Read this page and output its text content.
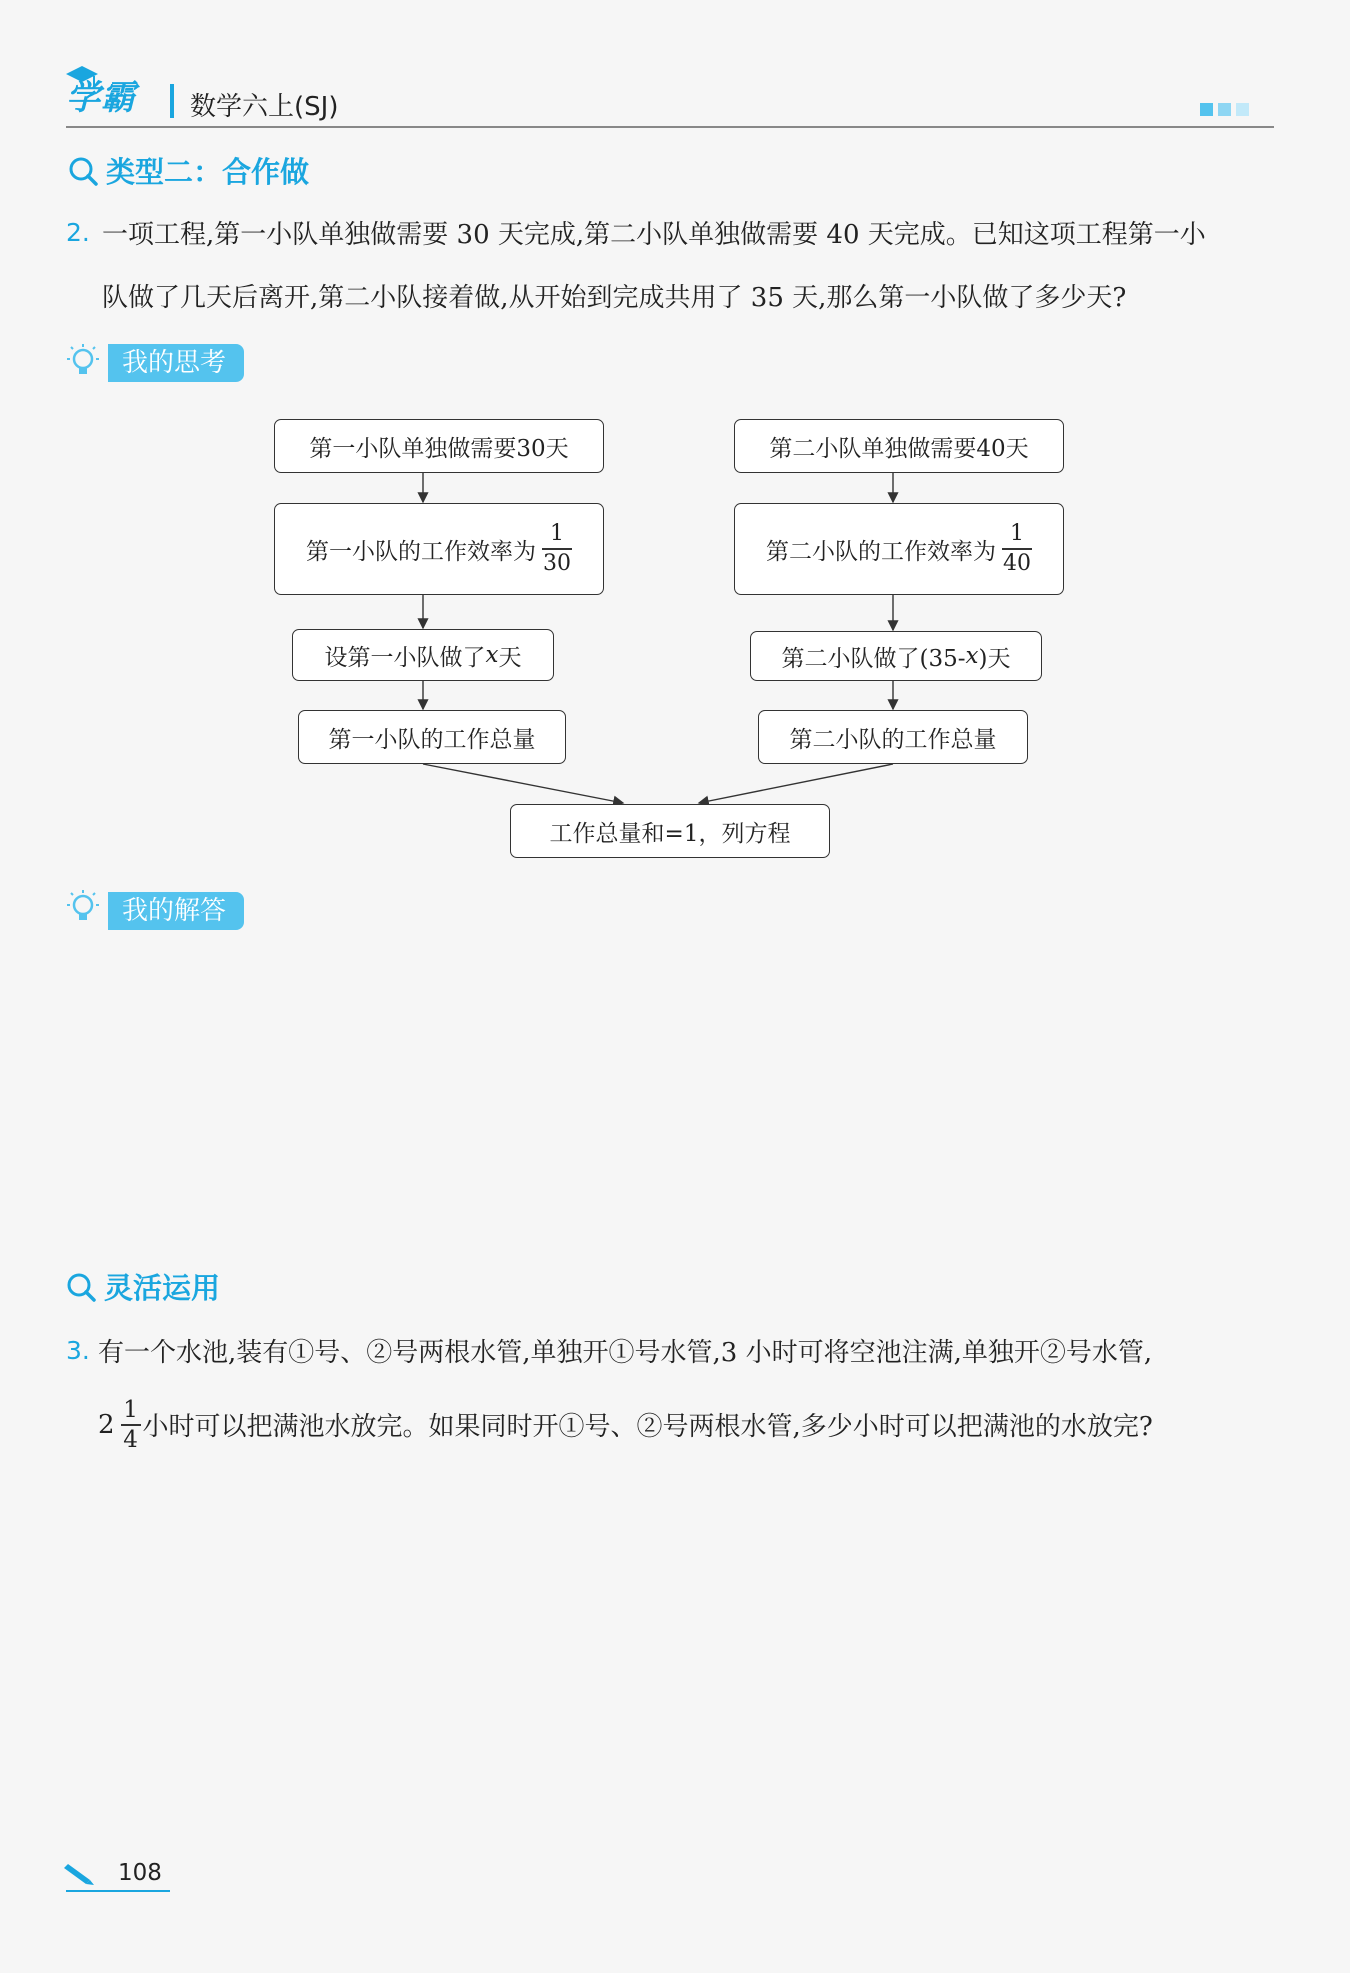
学霸 数学六上(SJ)
类型二：合作做
2. 一项工程,第一小队单独做需要 30 天完成,第二小队单独做需要 40 天完成。已知这项工程第一小
队做了几天后离开,第二小队接着做,从开始到完成共用了 35 天,那么第一小队做了多少天?
我的思考
第一小队单独做需要30天
第一小队的工作效率为 $\frac{1}{30}$
设第一小队做了 x 天
第一小队的工作总量
第二小队单独做需要40天
第二小队的工作效率为 $\frac{1}{40}$
第二小队做了(35- x )天
第二小队的工作总量
工作总量和=1，列方程
我的解答
灵活运用
3. 有一个水池,装有①号、②号两根水管,单独开①号水管,3 小时可将空池注满,单独开②号水管,
$2 \frac{1}{4}$ 小时可以把满池水放完。如果同时开①号、②号两根水管,多少小时可以把满池的水放完?
108
